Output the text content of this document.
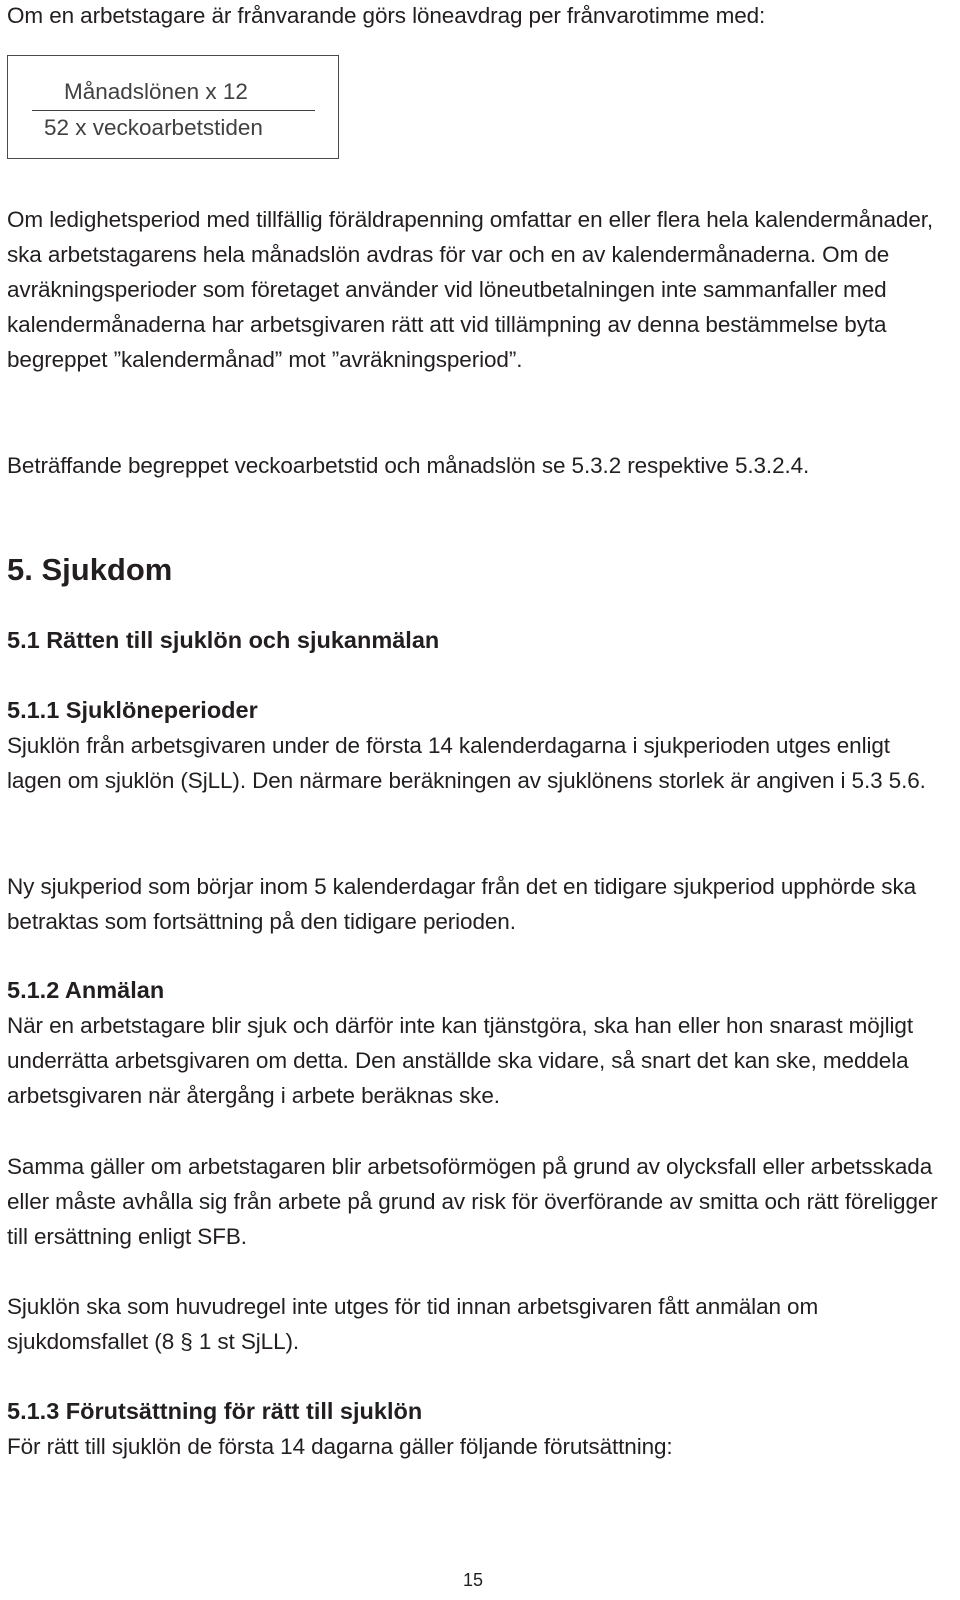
Om en arbetstagare är frånvarande görs löneavdrag per frånvarotimme med:

Månadslönen x 12
52 x veckoarbetstiden

Om ledighetsperiod med tillfällig föräldrapenning omfattar en eller flera hela kalendermånader, ska arbetstagarens hela månadslön avdras för var och en av kalendermånaderna. Om de avräkningsperioder som företaget använder vid löneutbetalningen inte sammanfaller med kalendermånaderna har arbetsgivaren rätt att vid tillämpning av denna bestämmelse byta begreppet ”kalendermånad” mot ”avräkningsperiod”.

Beträffande begreppet veckoarbetstid och månadslön se 5.3.2 respektive 5.3.2.4.

5. Sjukdom
5.1 Rätten till sjuklön och sjukanmälan
5.1.1 Sjuklöneperioder

Sjuklön från arbetsgivaren under de första 14 kalenderdagarna i sjukperioden utges enligt lagen om sjuklön (SjLL). Den närmare beräkningen av sjuklönens storlek är angiven i 5.3 5.6.

Ny sjukperiod som börjar inom 5 kalenderdagar från det en tidigare sjukperiod upphörde ska betraktas som fortsättning på den tidigare perioden.

5.1.2 Anmälan

När en arbetstagare blir sjuk och därför inte kan tjänstgöra, ska han eller hon snarast möjligt underrätta arbetsgivaren om detta. Den anställde ska vidare, så snart det kan ske, meddela arbetsgivaren när återgång i arbete beräknas ske.

Samma gäller om arbetstagaren blir arbetsoförmögen på grund av olycksfall eller arbetsskada eller måste avhålla sig från arbete på grund av risk för överförande av smitta och rätt föreligger till ersättning enligt SFB.

Sjuklön ska som huvudregel inte utges för tid innan arbetsgivaren fått anmälan om sjukdomsfallet (8 § 1 st SjLL).

5.1.3 Förutsättning för rätt till sjuklön

För rätt till sjuklön de första 14 dagarna gäller följande förutsättning:

15
